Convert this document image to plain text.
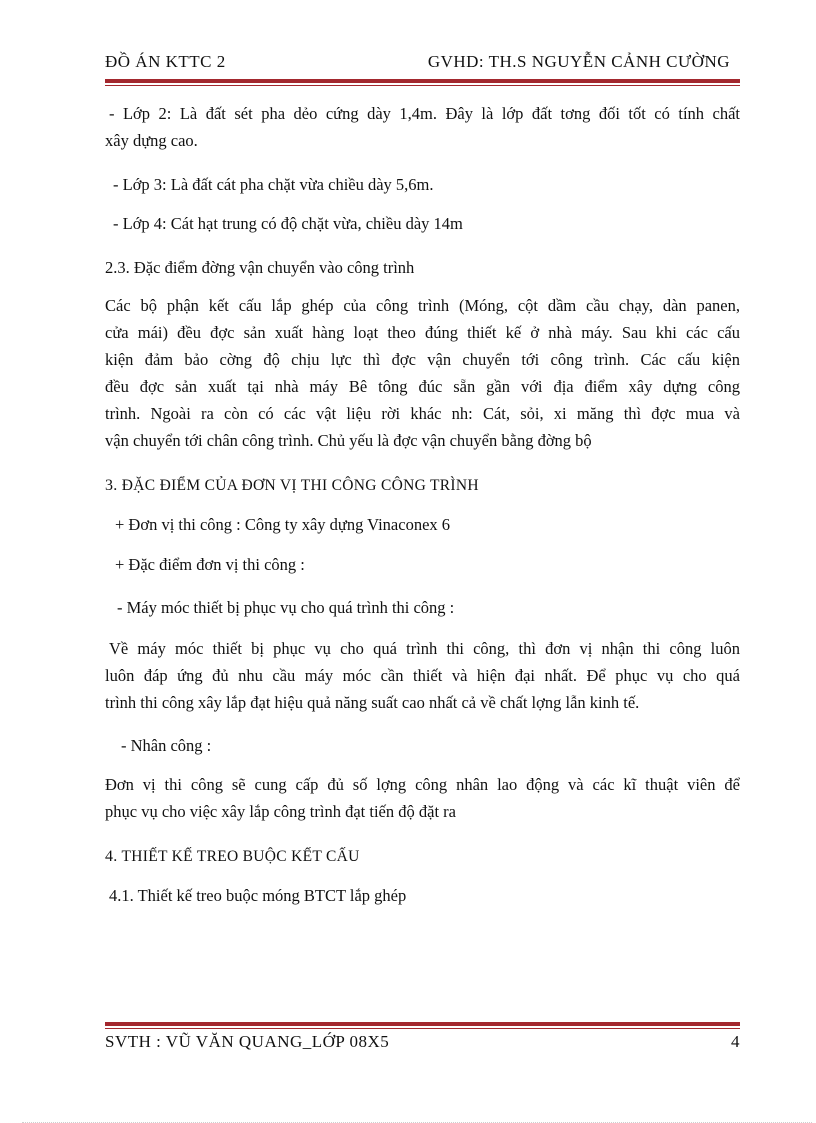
ĐỒ ÁN KTTC 2	GVHD: TH.S NGUYỄN CẢNH CƯỜNG
- Lớp 2: Là đất sét pha dẻo cứng dày 1,4m. Đây là lớp đất tơng đối tốt có tính chất
xây dựng cao.
- Lớp 3: Là đất cát pha chặt vừa chiều dày 5,6m.
- Lớp 4: Cát hạt trung có độ chặt vừa, chiều dày 14m
2.3. Đặc điểm đờng vận chuyển vào công trình
Các bộ phận kết cấu lắp ghép của công trình (Móng, cột dầm cầu chạy, dàn panen,
cửa mái) đều đợc sản xuất hàng loạt theo đúng thiết kế ở nhà máy. Sau khi các cấu
kiện đảm bảo cờng độ chịu lực thì đợc vận chuyển tới công trình. Các cấu kiện
đều đợc sản xuất tại nhà máy Bê tông đúc sẵn gần với địa điểm xây dựng công
trình. Ngoài ra còn có các vật liệu rời khác nh: Cát, sỏi, xi măng thì đợc mua và
vận chuyển tới chân công trình. Chủ yếu là đợc vận chuyển bằng đờng bộ
3. ĐẶC ĐIỂM CỦA ĐƠN VỊ THI CÔNG CÔNG TRÌNH
+ Đơn vị thi công : Công ty xây dựng Vinaconex 6
+ Đặc điểm đơn vị thi công :
- Máy móc thiết bị phục vụ cho quá trình thi công :
Về máy móc thiết bị phục vụ cho quá trình thi công, thì đơn vị nhận thi công luôn
luôn đáp ứng đủ nhu cầu máy móc cần thiết và hiện đại nhất. Để phục vụ cho quá
trình thi công xây lắp đạt hiệu quả năng suất cao nhất cả về chất lợng lẫn kinh tế.
- Nhân công :
Đơn vị thi công sẽ cung cấp đủ số lợng công nhân lao động và các kĩ thuật viên để
phục vụ cho việc xây lắp công trình đạt tiến độ đặt ra
4. THIẾT KẾ TREO BUỘC KẾT CẤU
4.1. Thiết kế treo buộc móng BTCT lắp ghép
SVTH : VŨ VĂN QUANG_LỚP 08X5	4
